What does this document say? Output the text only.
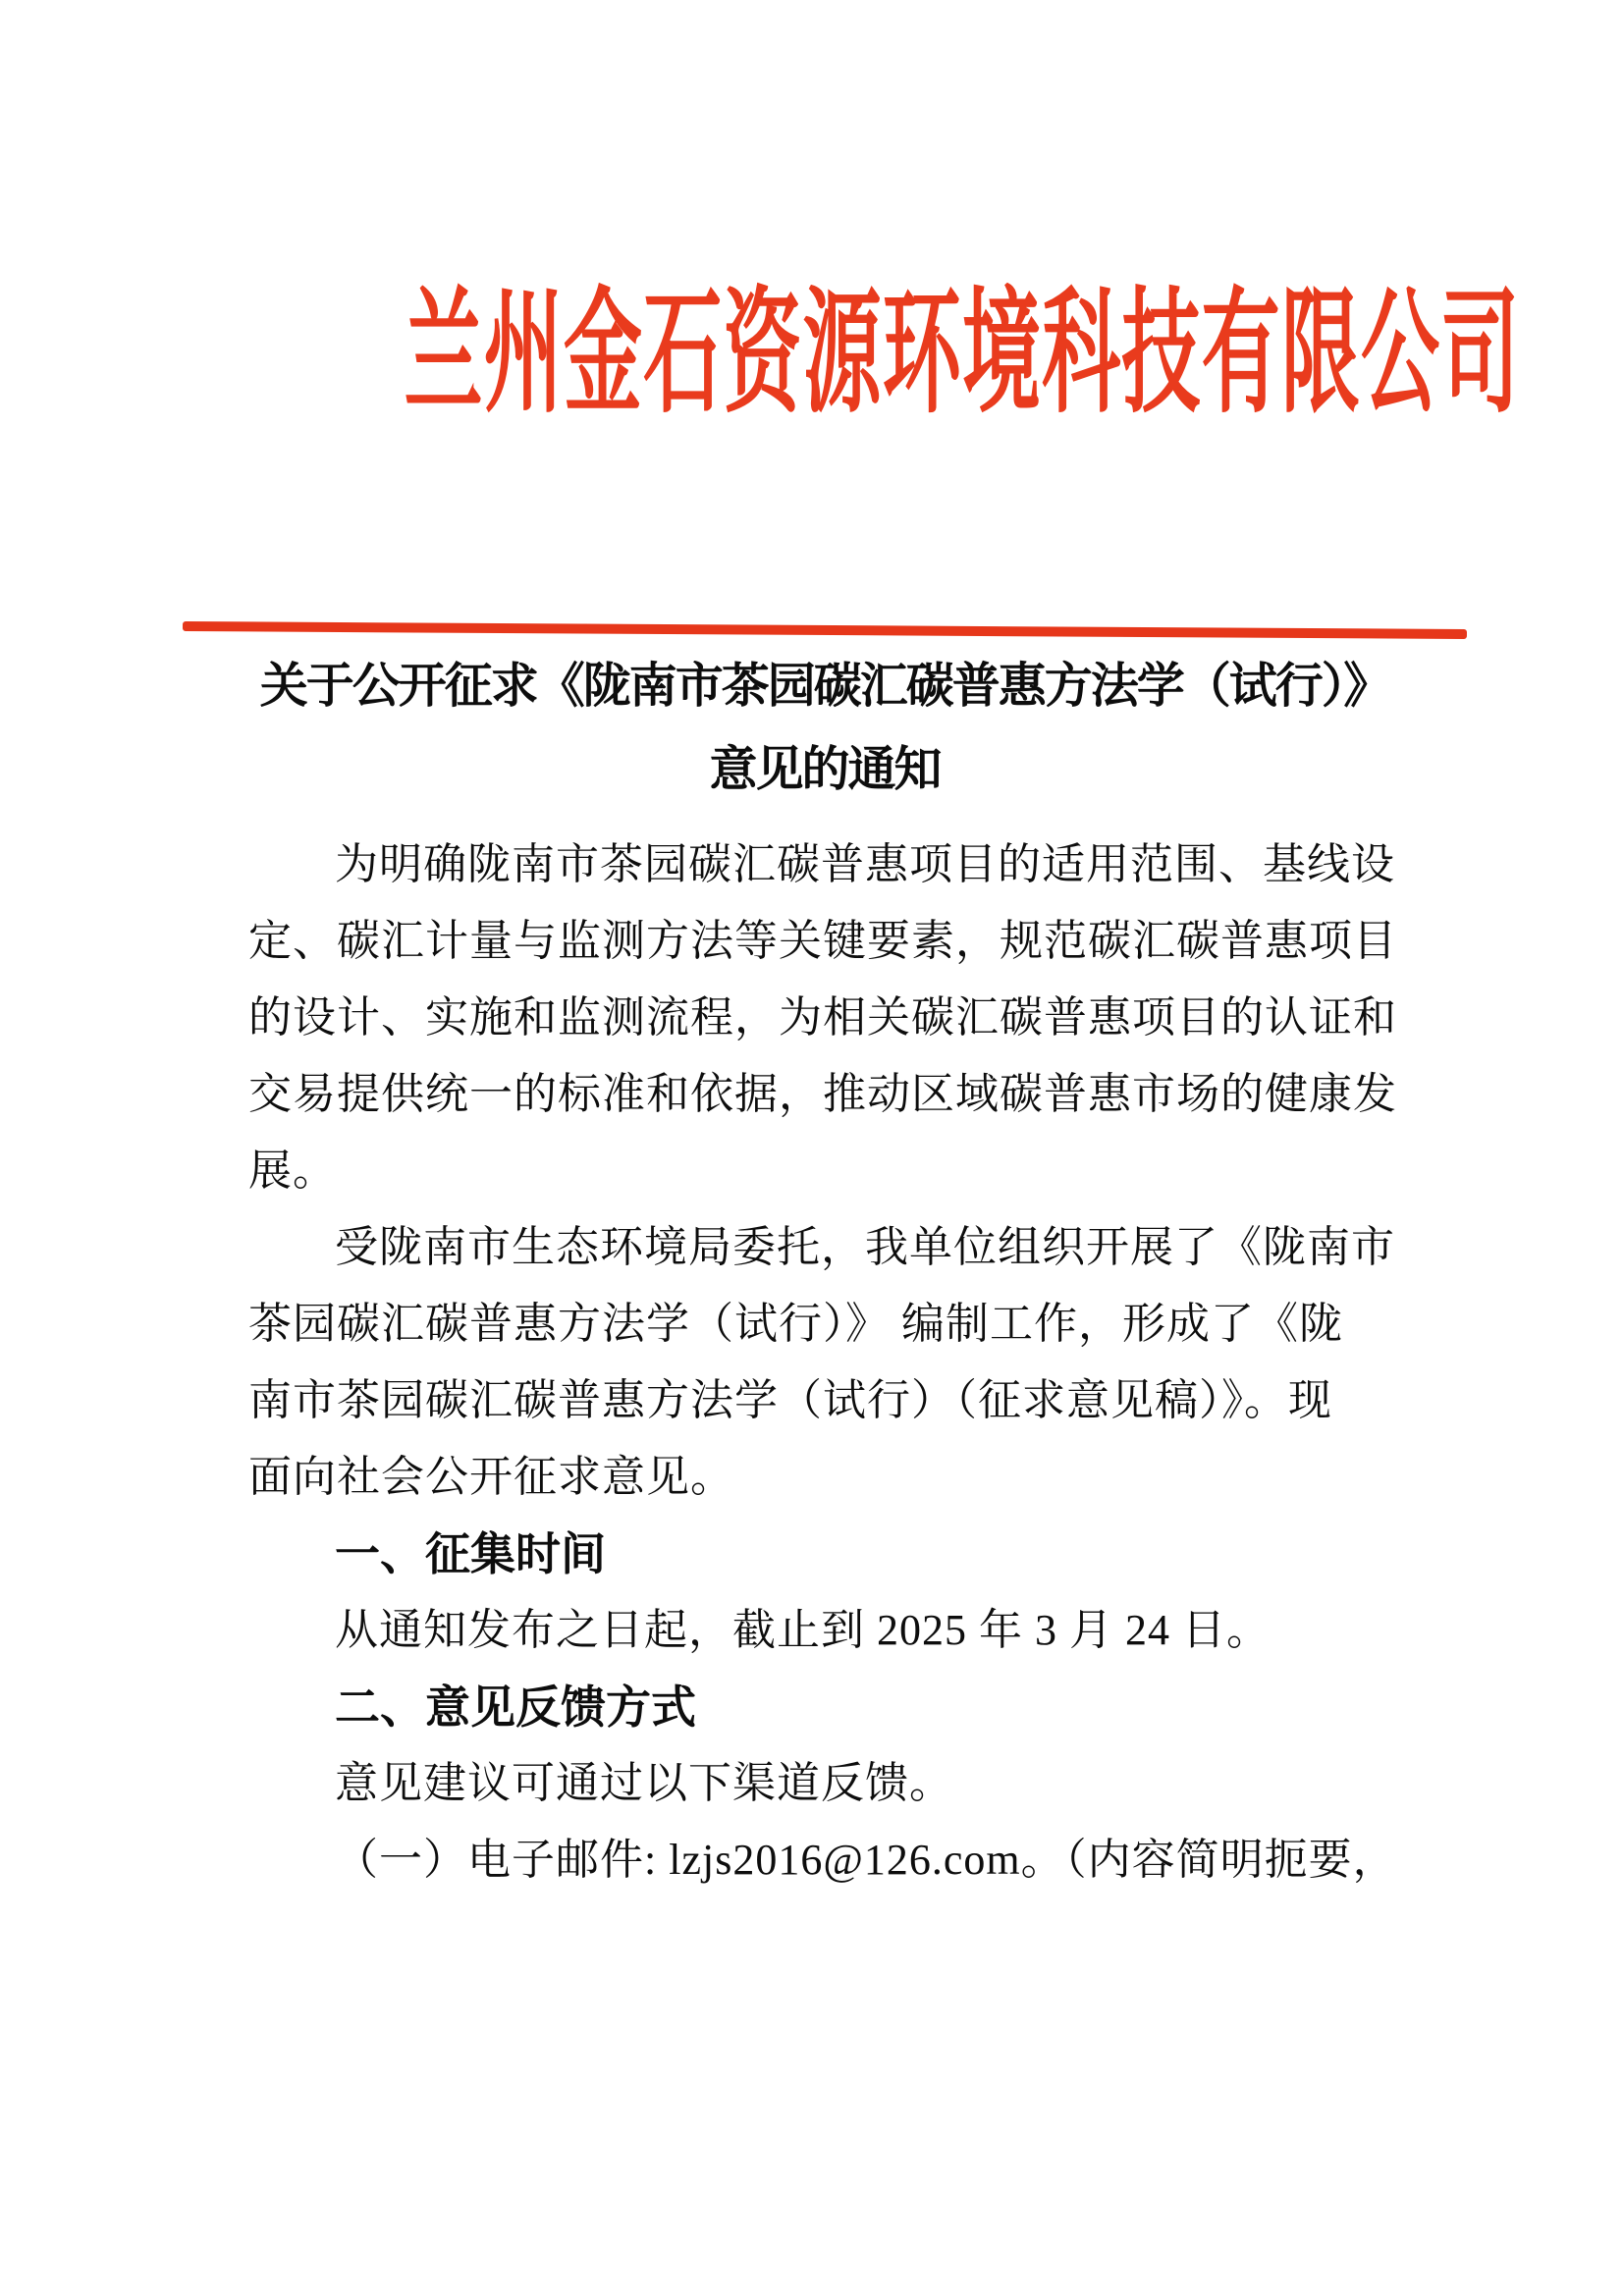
兰州金石资源环境科技有限公司
关于公开征求《陇南市茶园碳汇碳普惠方法学（试行）》
意见的通知
为明确陇南市茶园碳汇碳普惠项目的适用范围、基线设
定、碳汇计量与监测方法等关键要素，规范碳汇碳普惠项目
的设计、实施和监测流程，为相关碳汇碳普惠项目的认证和
交易提供统一的标准和依据，推动区域碳普惠市场的健康发
展。
受陇南市生态环境局委托，我单位组织开展了《陇南市
茶园碳汇碳普惠方法学（试行）》 编制工作，形成了《陇
南市茶园碳汇碳普惠方法学（试行）（征求意见稿）》。现
面向社会公开征求意见。
一、征集时间
从通知发布之日起，截止到 2025 年 3 月 24 日。
二、意见反馈方式
意见建议可通过以下渠道反馈。
（一）电子邮件: lzjs2016@126.com。（内容简明扼要，
